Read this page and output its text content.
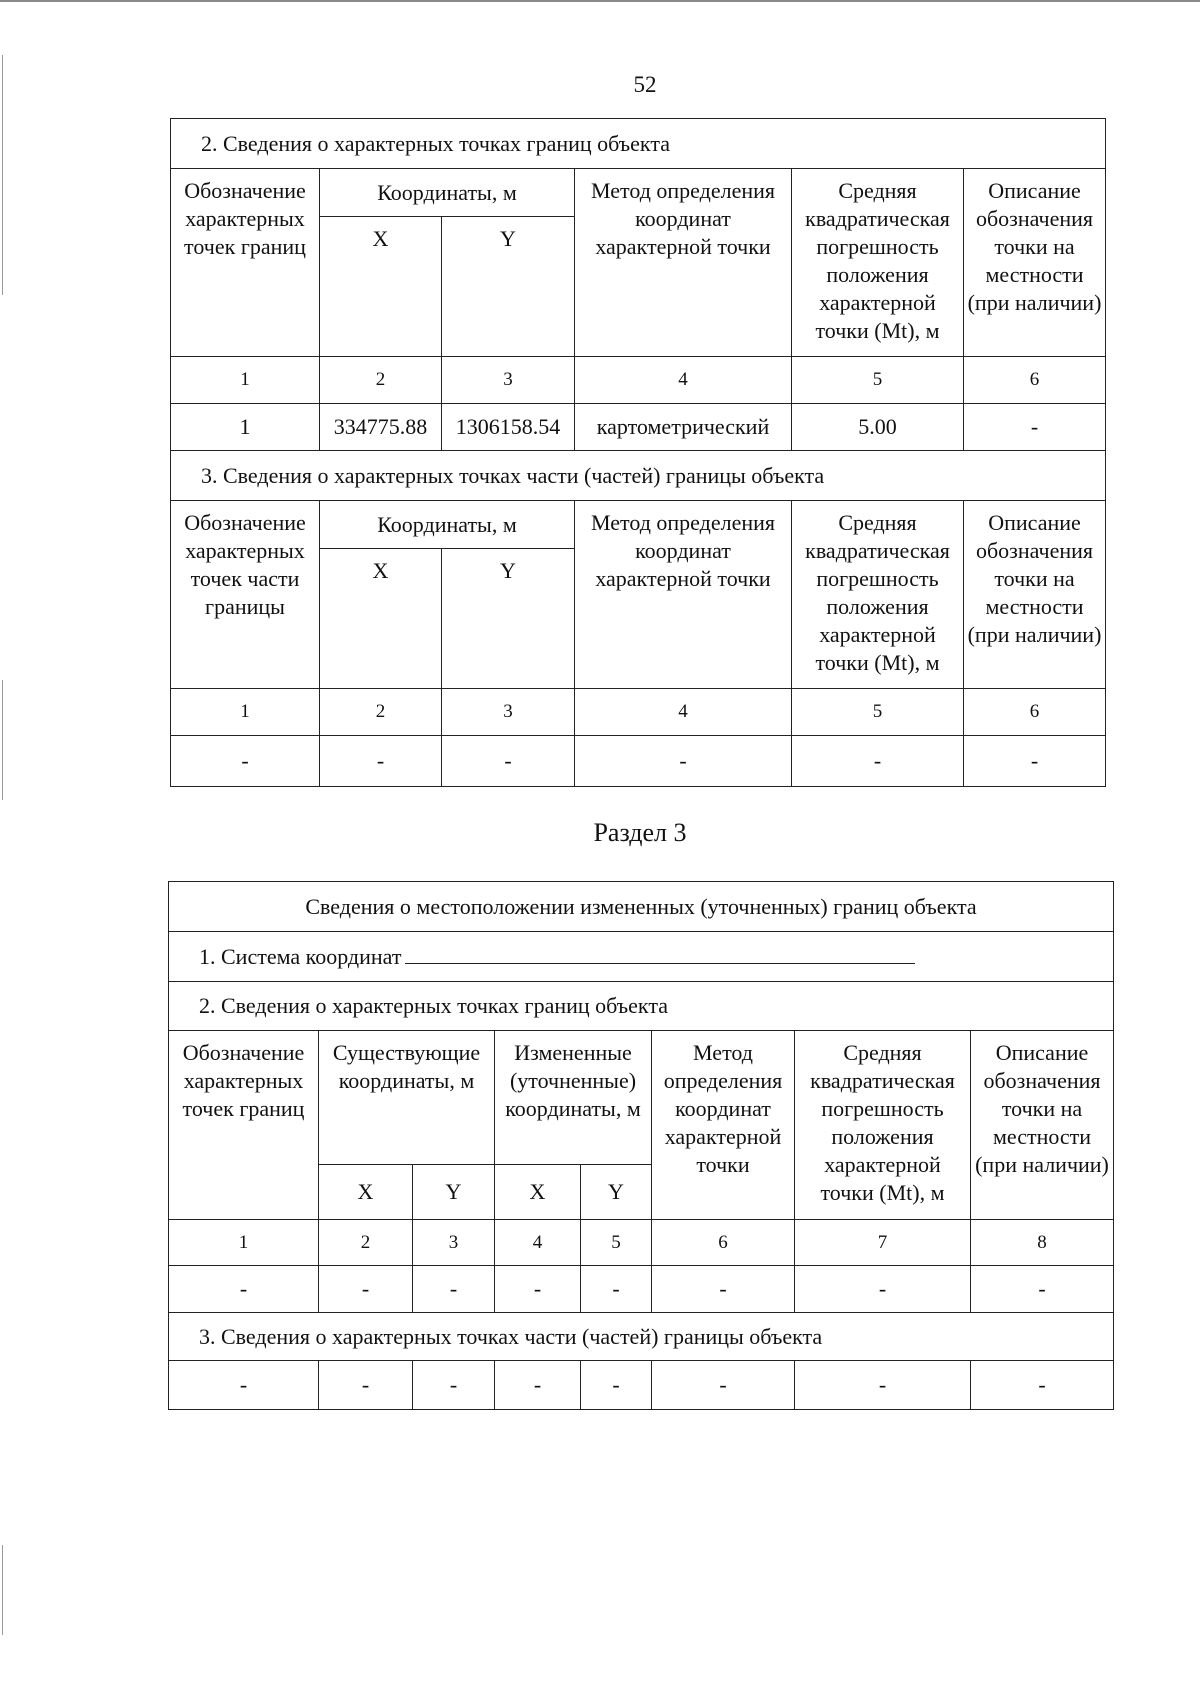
52
2. Сведения о характерных точках границ объекта					

Обозначение характерных точек границ	Координаты, м		Метод определения координат характерной точки	Средняя квадратическая погрешность положения характерной точки (Mt), м	Описание обозначения точки на местности (при наличии)

	X	Y			

1	2	3	4	5	6
1	334775.88	1306158.54	картометрический	5.00	-
3. Сведения о характерных точках части (частей) границы объекта					

Обозначение характерных точек части границы	Координаты, м		Метод определения координат характерной точки	Средняя квадратическая погрешность положения характерной точки (Mt), м	Описание обозначения точки на местности (при наличии)

	X	Y			

1	2	3	4	5	6
-	-	-	-	-	-
Раздел 3
Сведения о местоположении измененных (уточненных) границ объекта							
1. Система координат							
2. Сведения о характерных точках границ объекта							

Обозначение характерных точек границ	Существующие координаты, м		Измененные (уточненные) координаты, м		Метод определения координат характерной точки	Средняя квадратическая погрешность положения характерной точки (Mt), м	Описание обозначения точки на местности (при наличии)

	X	Y	X	Y			
1	2	3	4	5	6	7	8
-	-	-	-	-	-	-	-
3. Сведения о характерных точках части (частей) границы объекта							
-	-	-	-	-	-	-	-
